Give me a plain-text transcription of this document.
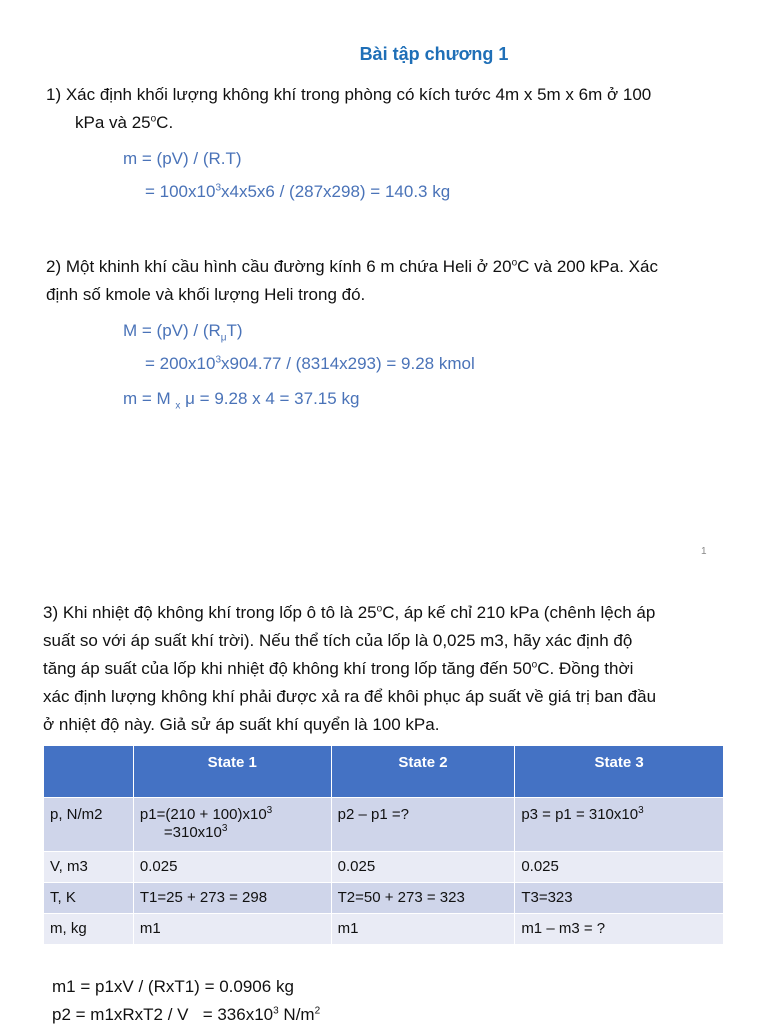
Bài tập chương 1
1) Xác định khối lượng không khí trong phòng có kích tước 4m x 5m x 6m ở 100
kPa và 25$^o$C.
m = (pV) / (R.T)
= $100x10^3x4x5x6 / (287x298) = 140.3$ kg
2) Một khinh khí cầu hình cầu đường kính 6 m chứa Heli ở 20$^o$C và 200 kPa. Xác
định số kmole và khối lượng Heli trong đó.
$M = (pV) / (R_\mu T)$
= $200x10^3x904.77 / (8314x293) = 9.28$ kmol
m = M $_x$ μ = 9.28 x 4 = 37.15 kg
1
3) Khi nhiệt độ không khí trong lốp ô tô là 25$^o$C, áp kế chỉ 210 kPa (chênh lệch áp
suất so với áp suất khí trời). Nếu thể tích của lốp là 0,025 m3, hãy xác định độ
tăng áp suất của lốp khi nhiệt độ không khí trong lốp tăng đến 50$^o$C. Đồng thời
xác định lượng không khí phải được xả ra để khôi phục áp suất về giá trị ban đầu
ở nhiệt độ này. Giả sử áp suất khí quyển là 100 kPa.
	State 1	State 2	State 3
p, N/m2	$p1=(210 + 100)x10^3$
$=310x10^3$	p2 – p1 =?	$p3 = p1 = 310x10^3$
V, m3	0.025	0.025	0.025
T, K	T1=25 + 273 = 298	T2=50 + 273 = 323	T3=323
m, kg	m1	m1	m1 – m3 = ?
m1 = p1xV / (RxT1) = 0.0906 kg
p2 = m1xRxT2 / $V = 336x10^3$ $N/m^2$
